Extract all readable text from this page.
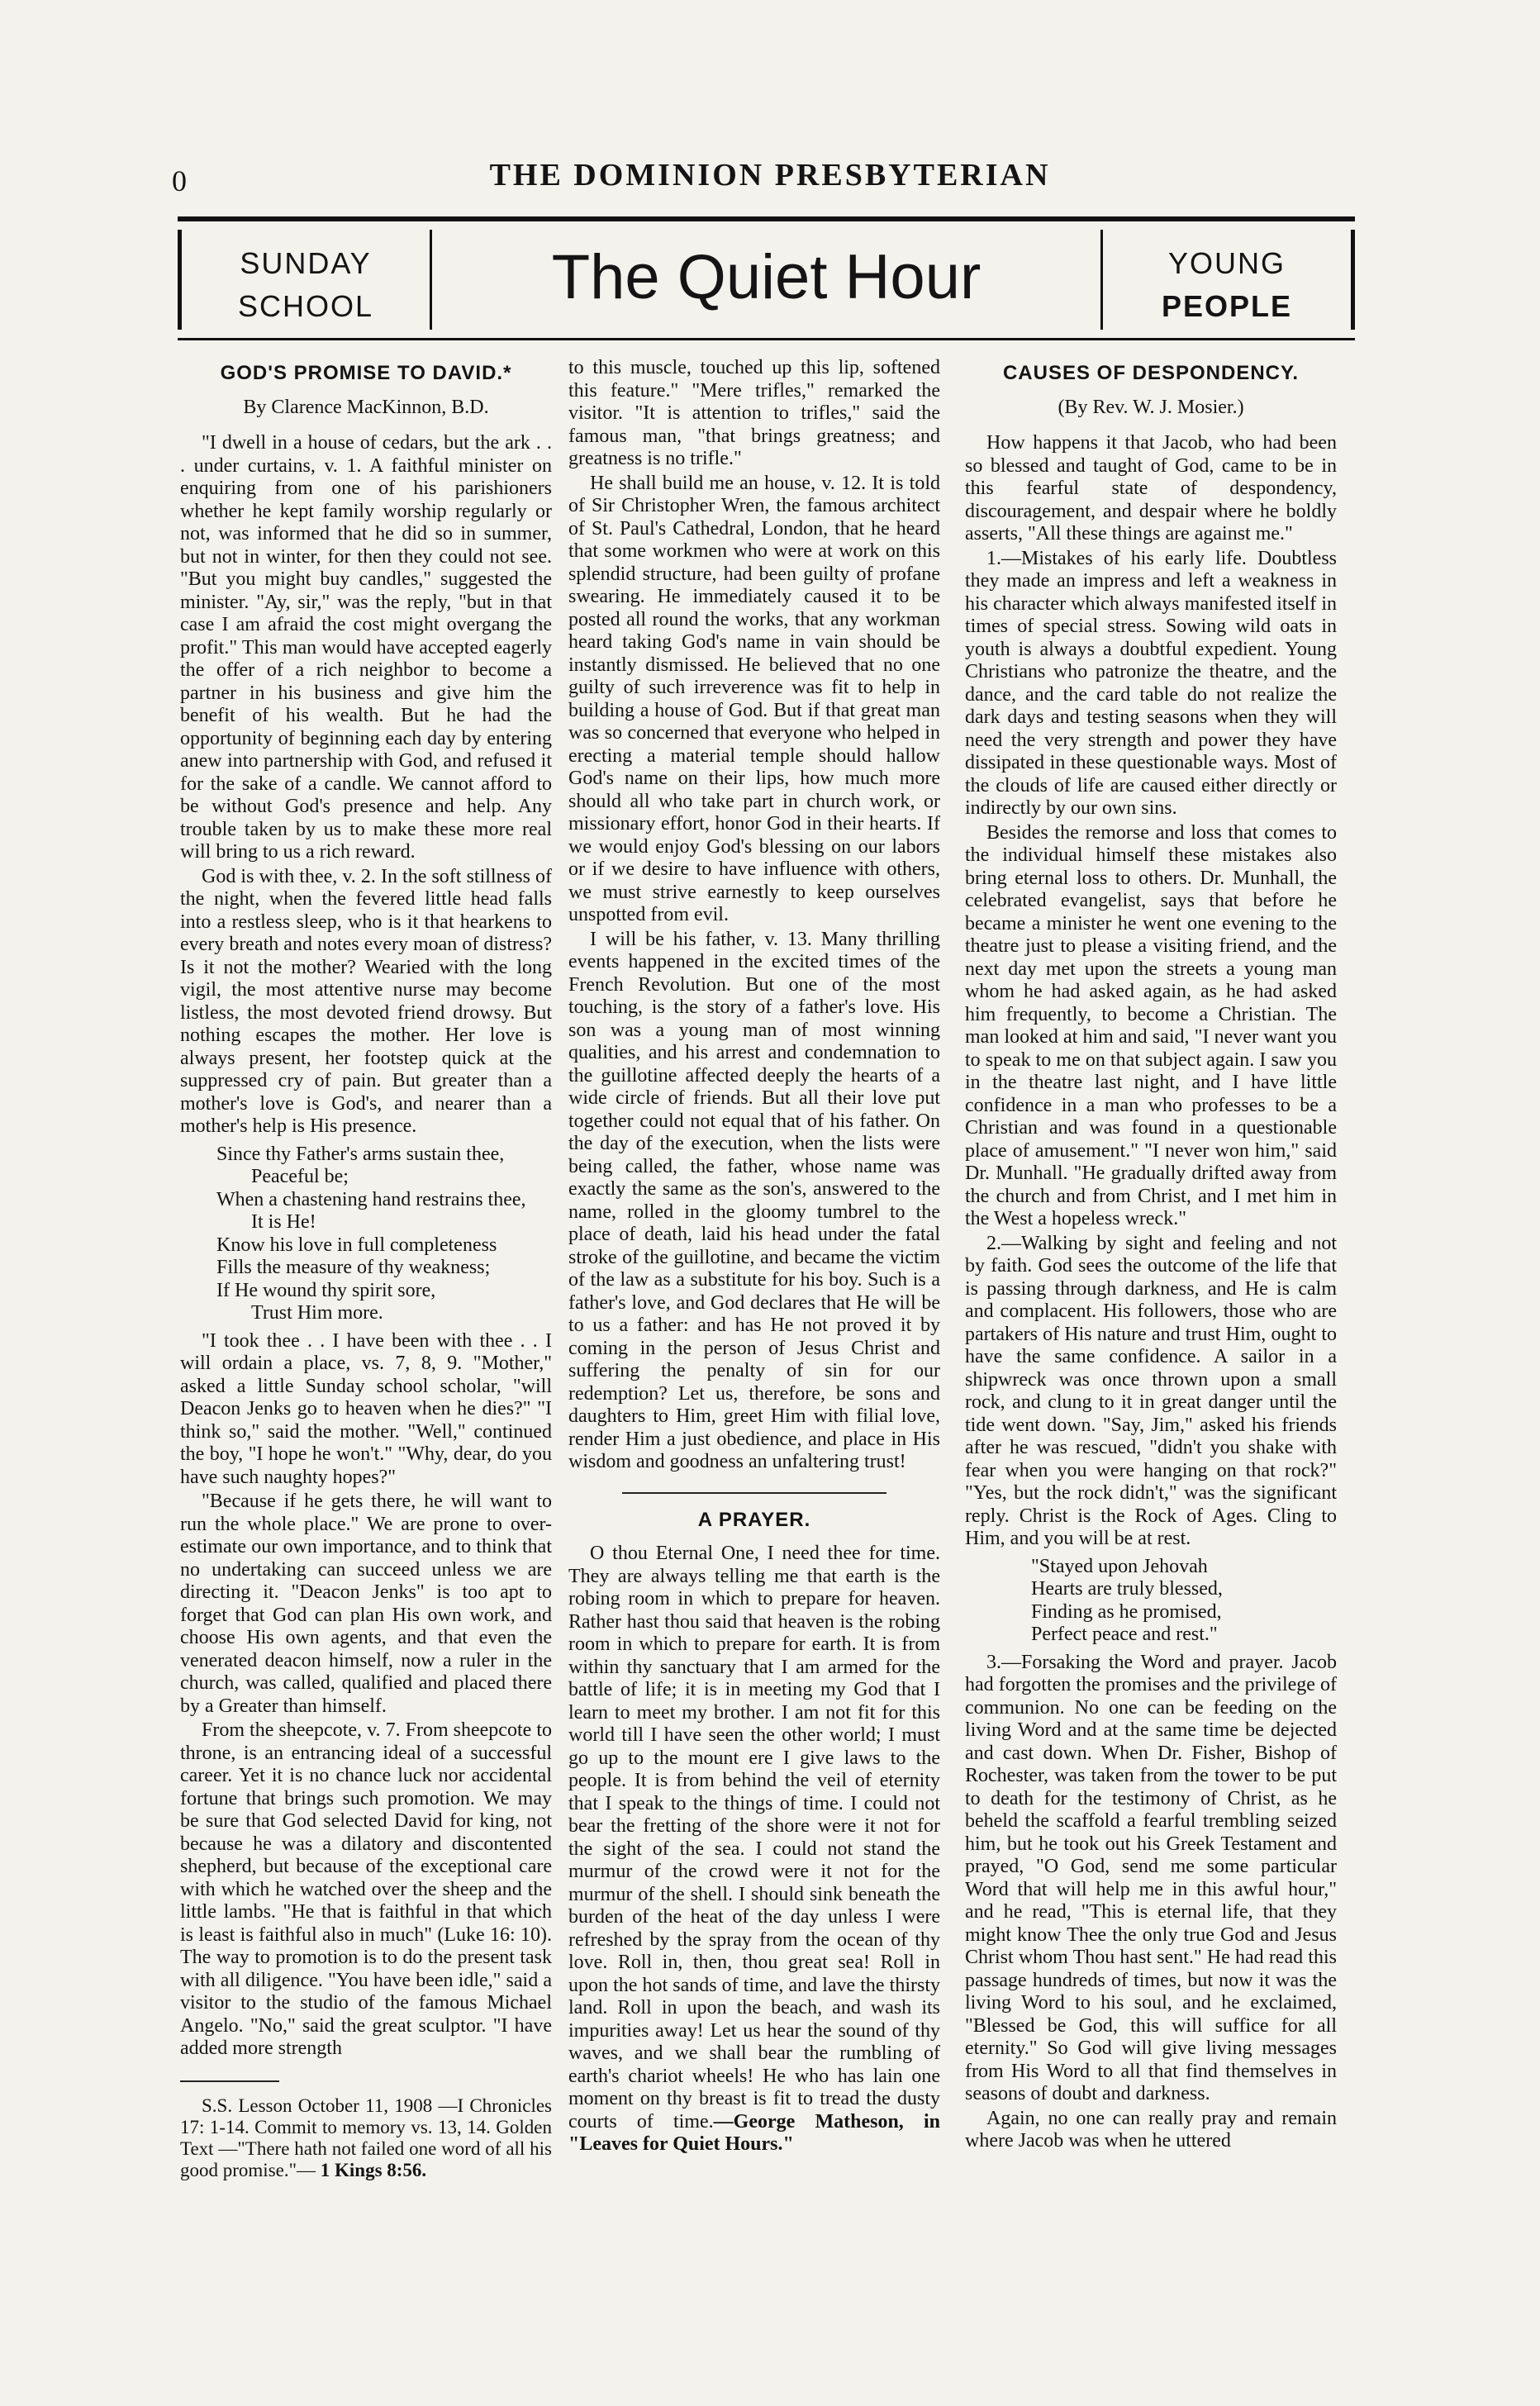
0	THE DOMINION PRESBYTERIAN
SUNDAY
SCHOOL	The Quiet Hour	YOUNG
PEOPLE
GOD'S PROMISE TO DAVID.*
By Clarence MacKinnon, B.D.

"I dwell in a house of cedars, but the ark . . . under curtains, v. 1. A faithful minister on enquiring from one of his parishioners whether he kept family worship regularly or not, was informed that he did so in summer, but not in winter, for then they could not see. "But you might buy candles," suggested the minister. "Ay, sir," was the reply, "but in that case I am afraid the cost might overgang the profit." This man would have accepted eagerly the offer of a rich neighbor to become a partner in his business and give him the benefit of his wealth. But he had the opportunity of beginning each day by entering anew into partnership with God, and refused it for the sake of a candle. We cannot afford to be without God's presence and help. Any trouble taken by us to make these more real will bring to us a rich reward.

God is with thee, v. 2. In the soft stillness of the night, when the fevered little head falls into a restless sleep, who is it that hearkens to every breath and notes every moan of distress? Is it not the mother? Wearied with the long vigil, the most attentive nurse may become listless, the most devoted friend drowsy. But nothing escapes the mother. Her love is always present, her footstep quick at the suppressed cry of pain. But greater than a mother's love is God's, and nearer than a mother's help is His presence.

Since thy Father's arms sustain thee,
Peaceful be;
When a chastening hand restrains thee,
It is He!
Know his love in full completeness
Fills the measure of thy weakness;
If He wound thy spirit sore,
Trust Him more.

"I took thee . . I have been with thee . . I will ordain a place, vs. 7, 8, 9. "Mother," asked a little Sunday school scholar, "will Deacon Jenks go to heaven when he dies?" "I think so," said the mother. "Well," continued the boy, "I hope he won't." "Why, dear, do you have such naughty hopes?"

"Because if he gets there, he will want to run the whole place." We are prone to over-estimate our own importance, and to think that no undertaking can succeed unless we are directing it. "Deacon Jenks" is too apt to forget that God can plan His own work, and choose His own agents, and that even the venerated deacon himself, now a ruler in the church, was called, qualified and placed there by a Greater than himself.

From the sheepcote, v. 7. From sheepcote to throne, is an entrancing ideal of a successful career. Yet it is no chance luck nor accidental fortune that brings such promotion. We may be sure that God selected David for king, not because he was a dilatory and discontented shepherd, but because of the exceptional care with which he watched over the sheep and the little lambs. "He that is faithful in that which is least is faithful also in much" (Luke 16: 10). The way to promotion is to do the present task with all diligence. "You have been idle," said a visitor to the studio of the famous Michael Angelo. "No," said the great sculptor. "I have added more strength

S.S. Lesson October 11, 1908 —I Chronicles 17: 1-14. Commit to memory vs. 13, 14. Golden Text —"There hath not failed one word of all his good promise."— 1 Kings 8:56.

to this muscle, touched up this lip, softened this feature." "Mere trifles," remarked the visitor. "It is attention to trifles," said the famous man, "that brings greatness; and greatness is no trifle."

He shall build me an house, v. 12. It is told of Sir Christopher Wren, the famous architect of St. Paul's Cathedral, London, that he heard that some workmen who were at work on this splendid structure, had been guilty of profane swearing. He immediately caused it to be posted all round the works, that any workman heard taking God's name in vain should be instantly dismissed. He believed that no one guilty of such irreverence was fit to help in building a house of God. But if that great man was so concerned that everyone who helped in erecting a material temple should hallow God's name on their lips, how much more should all who take part in church work, or missionary effort, honor God in their hearts. If we would enjoy God's blessing on our labors or if we desire to have influence with others, we must strive earnestly to keep ourselves unspotted from evil.

I will be his father, v. 13. Many thrilling events happened in the excited times of the French Revolution. But one of the most touching, is the story of a father's love. His son was a young man of most winning qualities, and his arrest and condemnation to the guillotine affected deeply the hearts of a wide circle of friends. But all their love put together could not equal that of his father. On the day of the execution, when the lists were being called, the father, whose name was exactly the same as the son's, answered to the name, rolled in the gloomy tumbrel to the place of death, laid his head under the fatal stroke of the guillotine, and became the victim of the law as a substitute for his boy. Such is a father's love, and God declares that He will be to us a father: and has He not proved it by coming in the person of Jesus Christ and suffering the penalty of sin for our redemption? Let us, therefore, be sons and daughters to Him, greet Him with filial love, render Him a just obedience, and place in His wisdom and goodness an unfaltering trust!

A PRAYER.

O thou Eternal One, I need thee for time. They are always telling me that earth is the robing room in which to prepare for heaven. Rather hast thou said that heaven is the robing room in which to prepare for earth. It is from within thy sanctuary that I am armed for the battle of life; it is in meeting my God that I learn to meet my brother. I am not fit for this world till I have seen the other world; I must go up to the mount ere I give laws to the people. It is from behind the veil of eternity that I speak to the things of time. I could not bear the fretting of the shore were it not for the sight of the sea. I could not stand the murmur of the crowd were it not for the murmur of the shell. I should sink beneath the burden of the heat of the day unless I were refreshed by the spray from the ocean of thy love. Roll in, then, thou great sea! Roll in upon the hot sands of time, and lave the thirsty land. Roll in upon the beach, and wash its impurities away! Let us hear the sound of thy waves, and we shall bear the rumbling of earth's chariot wheels! He who has lain one moment on thy breast is fit to tread the dusty courts of time.—George Matheson, in "Leaves for Quiet Hours."

CAUSES OF DESPONDENCY.
(By Rev. W. J. Mosier.)

How happens it that Jacob, who had been so blessed and taught of God, came to be in this fearful state of despondency, discouragement, and despair where he boldly asserts, "All these things are against me."

1.—Mistakes of his early life. Doubtless they made an impress and left a weakness in his character which always manifested itself in times of special stress. Sowing wild oats in youth is always a doubtful expedient. Young Christians who patronize the theatre, and the dance, and the card table do not realize the dark days and testing seasons when they will need the very strength and power they have dissipated in these questionable ways. Most of the clouds of life are caused either directly or indirectly by our own sins.

Besides the remorse and loss that comes to the individual himself these mistakes also bring eternal loss to others. Dr. Munhall, the celebrated evangelist, says that before he became a minister he went one evening to the theatre just to please a visiting friend, and the next day met upon the streets a young man whom he had asked again, as he had asked him frequently, to become a Christian. The man looked at him and said, "I never want you to speak to me on that subject again. I saw you in the theatre last night, and I have little confidence in a man who professes to be a Christian and was found in a questionable place of amusement." "I never won him," said Dr. Munhall. "He gradually drifted away from the church and from Christ, and I met him in the West a hopeless wreck."

2.—Walking by sight and feeling and not by faith. God sees the outcome of the life that is passing through darkness, and He is calm and complacent. His followers, those who are partakers of His nature and trust Him, ought to have the same confidence. A sailor in a shipwreck was once thrown upon a small rock, and clung to it in great danger until the tide went down. "Say, Jim," asked his friends after he was rescued, "didn't you shake with fear when you were hanging on that rock?" "Yes, but the rock didn't," was the significant reply. Christ is the Rock of Ages. Cling to Him, and you will be at rest.

"Stayed upon Jehovah
Hearts are truly blessed,
Finding as he promised,
Perfect peace and rest."

3.—Forsaking the Word and prayer. Jacob had forgotten the promises and the privilege of communion. No one can be feeding on the living Word and at the same time be dejected and cast down. When Dr. Fisher, Bishop of Rochester, was taken from the tower to be put to death for the testimony of Christ, as he beheld the scaffold a fearful trembling seized him, but he took out his Greek Testament and prayed, "O God, send me some particular Word that will help me in this awful hour," and he read, "This is eternal life, that they might know Thee the only true God and Jesus Christ whom Thou hast sent." He had read this passage hundreds of times, but now it was the living Word to his soul, and he exclaimed, "Blessed be God, this will suffice for all eternity." So God will give living messages from His Word to all that find themselves in seasons of doubt and darkness.

Again, no one can really pray and remain where Jacob was when he uttered
